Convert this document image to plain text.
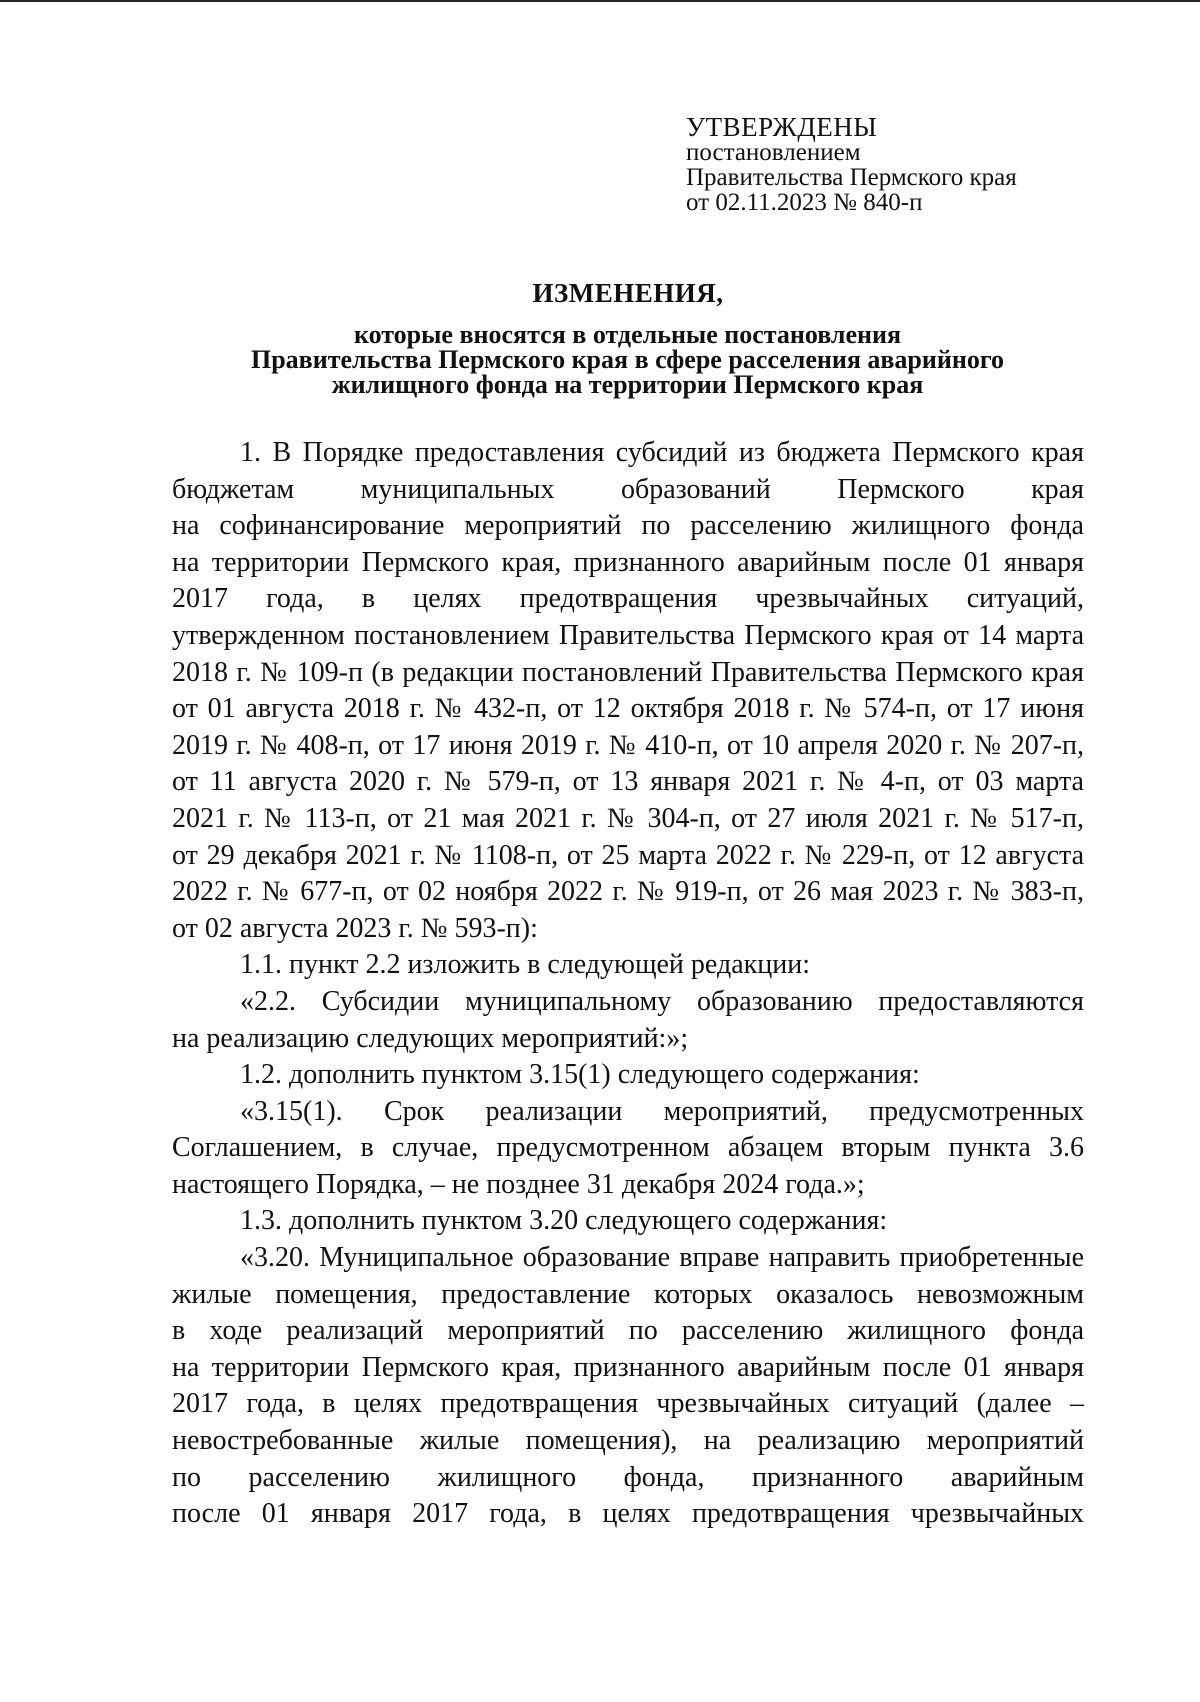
УТВЕРЖДЕНЫ
постановлением
Правительства Пермского края
от 02.11.2023 № 840-п
ИЗМЕНЕНИЯ,
которые вносятся в отдельные постановления
Правительства Пермского края в сфере расселения аварийного
жилищного фонда на территории Пермского края
1. В Порядке предоставления субсидий из бюджета Пермского края
бюджетам муниципальных образований Пермского края
на софинансирование мероприятий по расселению жилищного фонда
на территории Пермского края, признанного аварийным после 01 января
2017 года, в целях предотвращения чрезвычайных ситуаций,
утвержденном постановлением Правительства Пермского края от 14 марта
2018 г. № 109-п (в редакции постановлений Правительства Пермского края
от 01 августа 2018 г. № 432-п, от 12 октября 2018 г. № 574-п, от 17 июня
2019 г. № 408-п, от 17 июня 2019 г. № 410-п, от 10 апреля 2020 г. № 207-п,
от 11 августа 2020 г. № 579-п, от 13 января 2021 г. № 4-п, от 03 марта
2021 г. № 113-п, от 21 мая 2021 г. № 304-п, от 27 июля 2021 г. № 517-п,
от 29 декабря 2021 г. № 1108-п, от 25 марта 2022 г. № 229-п, от 12 августа
2022 г. № 677-п, от 02 ноября 2022 г. № 919-п, от 26 мая 2023 г. № 383-п,
от 02 августа 2023 г. № 593-п):
1.1. пункт 2.2 изложить в следующей редакции:
«2.2. Субсидии муниципальному образованию предоставляются
на реализацию следующих мероприятий:»;
1.2. дополнить пунктом 3.15(1) следующего содержания:
«3.15(1). Срок реализации мероприятий, предусмотренных
Соглашением, в случае, предусмотренном абзацем вторым пункта 3.6
настоящего Порядка, – не позднее 31 декабря 2024 года.»;
1.3. дополнить пунктом 3.20 следующего содержания:
«3.20. Муниципальное образование вправе направить приобретенные
жилые помещения, предоставление которых оказалось невозможным
в ходе реализаций мероприятий по расселению жилищного фонда
на территории Пермского края, признанного аварийным после 01 января
2017 года, в целях предотвращения чрезвычайных ситуаций (далее –
невостребованные жилые помещения), на реализацию мероприятий
по расселению жилищного фонда, признанного аварийным
после 01 января 2017 года, в целях предотвращения чрезвычайных
